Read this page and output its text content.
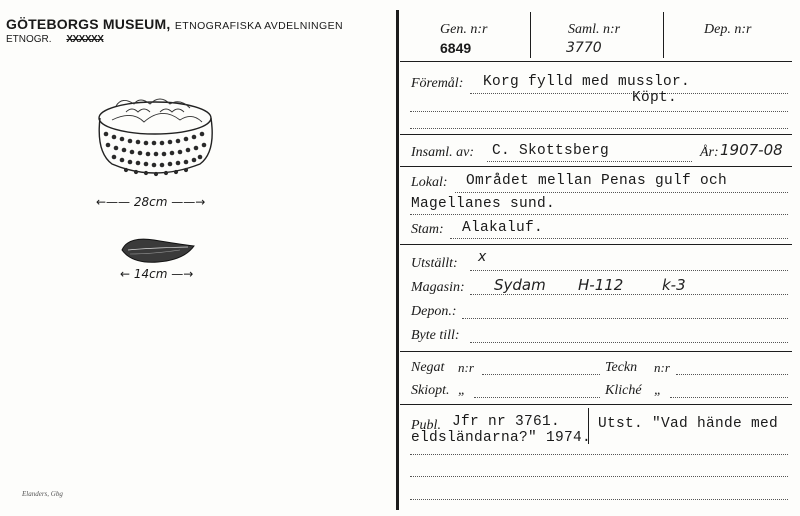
GÖTEBORGS MUSEUM, ETNOGRAFISKA AVDELNINGEN
ETNOGR. XXXXXX
←—— 28cm ——→
← 14cm —→
Elanders, Gbg
Gen. n:r
6849
Saml. n:r
3770
Dep. n:r
Föremål: Korg fylld med musslor.
Köpt.
Insaml. av: C. Skottsberg	År: 1907-08
Lokal: Området mellan Penas gulf och
Magellanes sund.
Stam: Alakaluf.
Utställt: x
Magasin: Sydam H-112	k-3
Depon.:
Byte till:
Negat n:r	Teckn n:r
Skiopt. „	Kliché „
Publ. Jfr nr 3761.	Utst. "Vad hände med
eldsländarna?" 1974.
